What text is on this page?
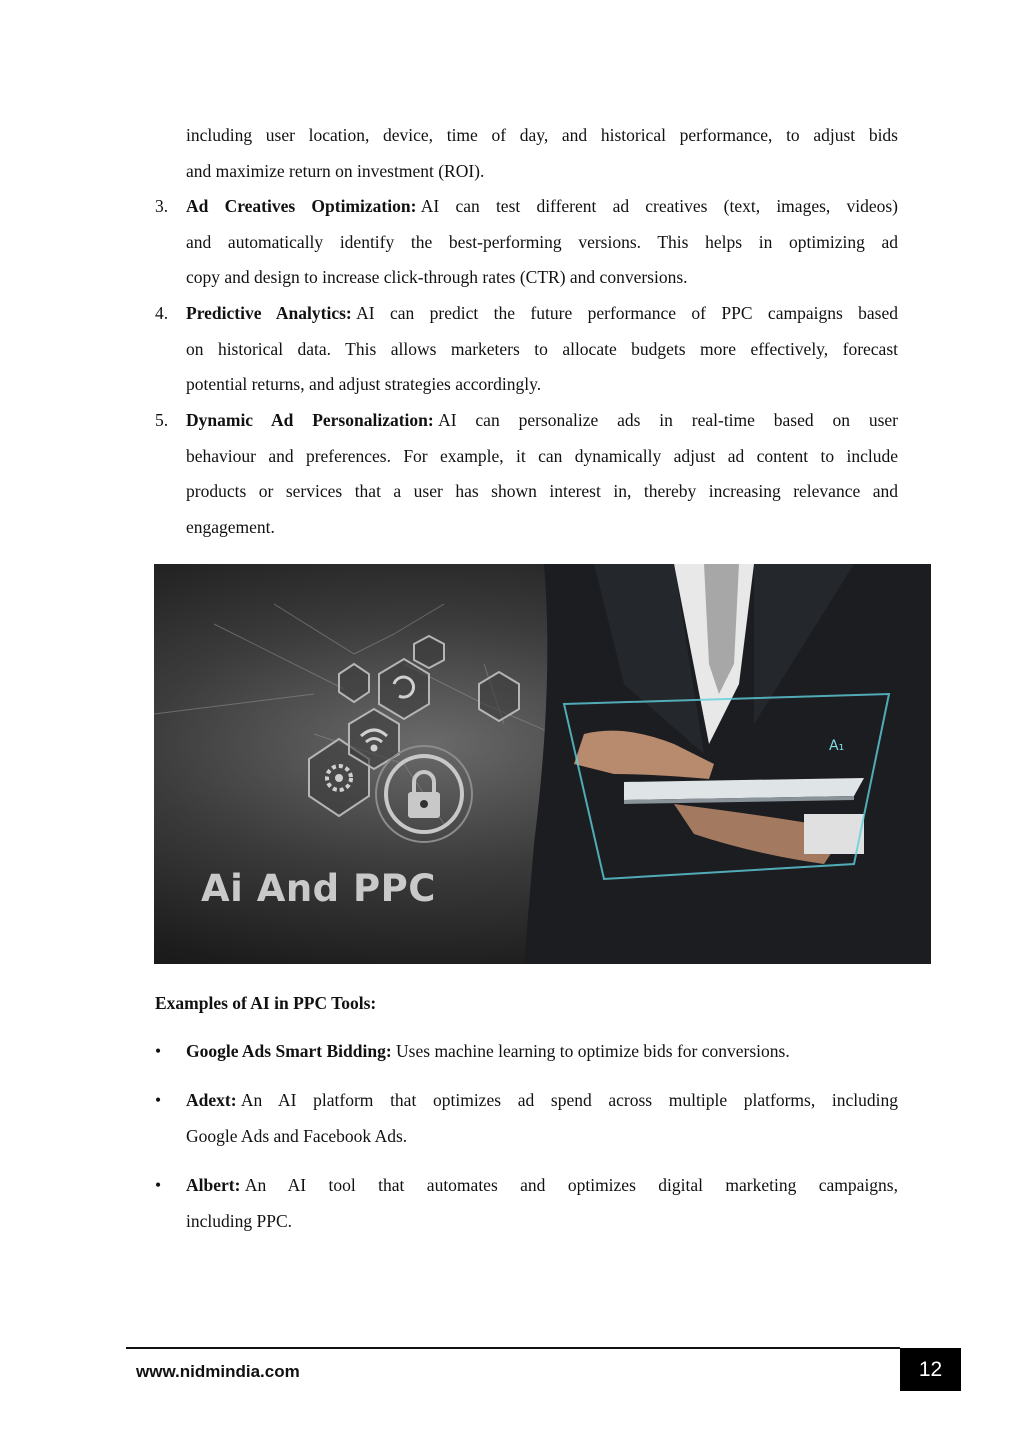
including user location, device, time of day, and historical performance, to adjust bids
and maximize return on investment (ROI).
3.	Ad Creatives Optimization: AI can test different ad creatives (text, images, videos)
and automatically identify the best-performing versions. This helps in optimizing ad
copy and design to increase click-through rates (CTR) and conversions.
4.	Predictive Analytics: AI can predict the future performance of PPC campaigns based
on historical data. This allows marketers to allocate budgets more effectively, forecast
potential returns, and adjust strategies accordingly.
5.	Dynamic Ad Personalization: AI can personalize ads in real-time based on user
behaviour and preferences. For example, it can dynamically adjust ad content to include
products or services that a user has shown interest in, thereby increasing relevance and
engagement.
A₁
Ai And PPC
Examples of AI in PPC Tools:
•	Google Ads Smart Bidding: Uses machine learning to optimize bids for conversions.
•	Adext: An AI platform that optimizes ad spend across multiple platforms, including
Google Ads and Facebook Ads.
•	Albert: An AI tool that automates and optimizes digital marketing campaigns,
including PPC.
www.nidmindia.com	12
